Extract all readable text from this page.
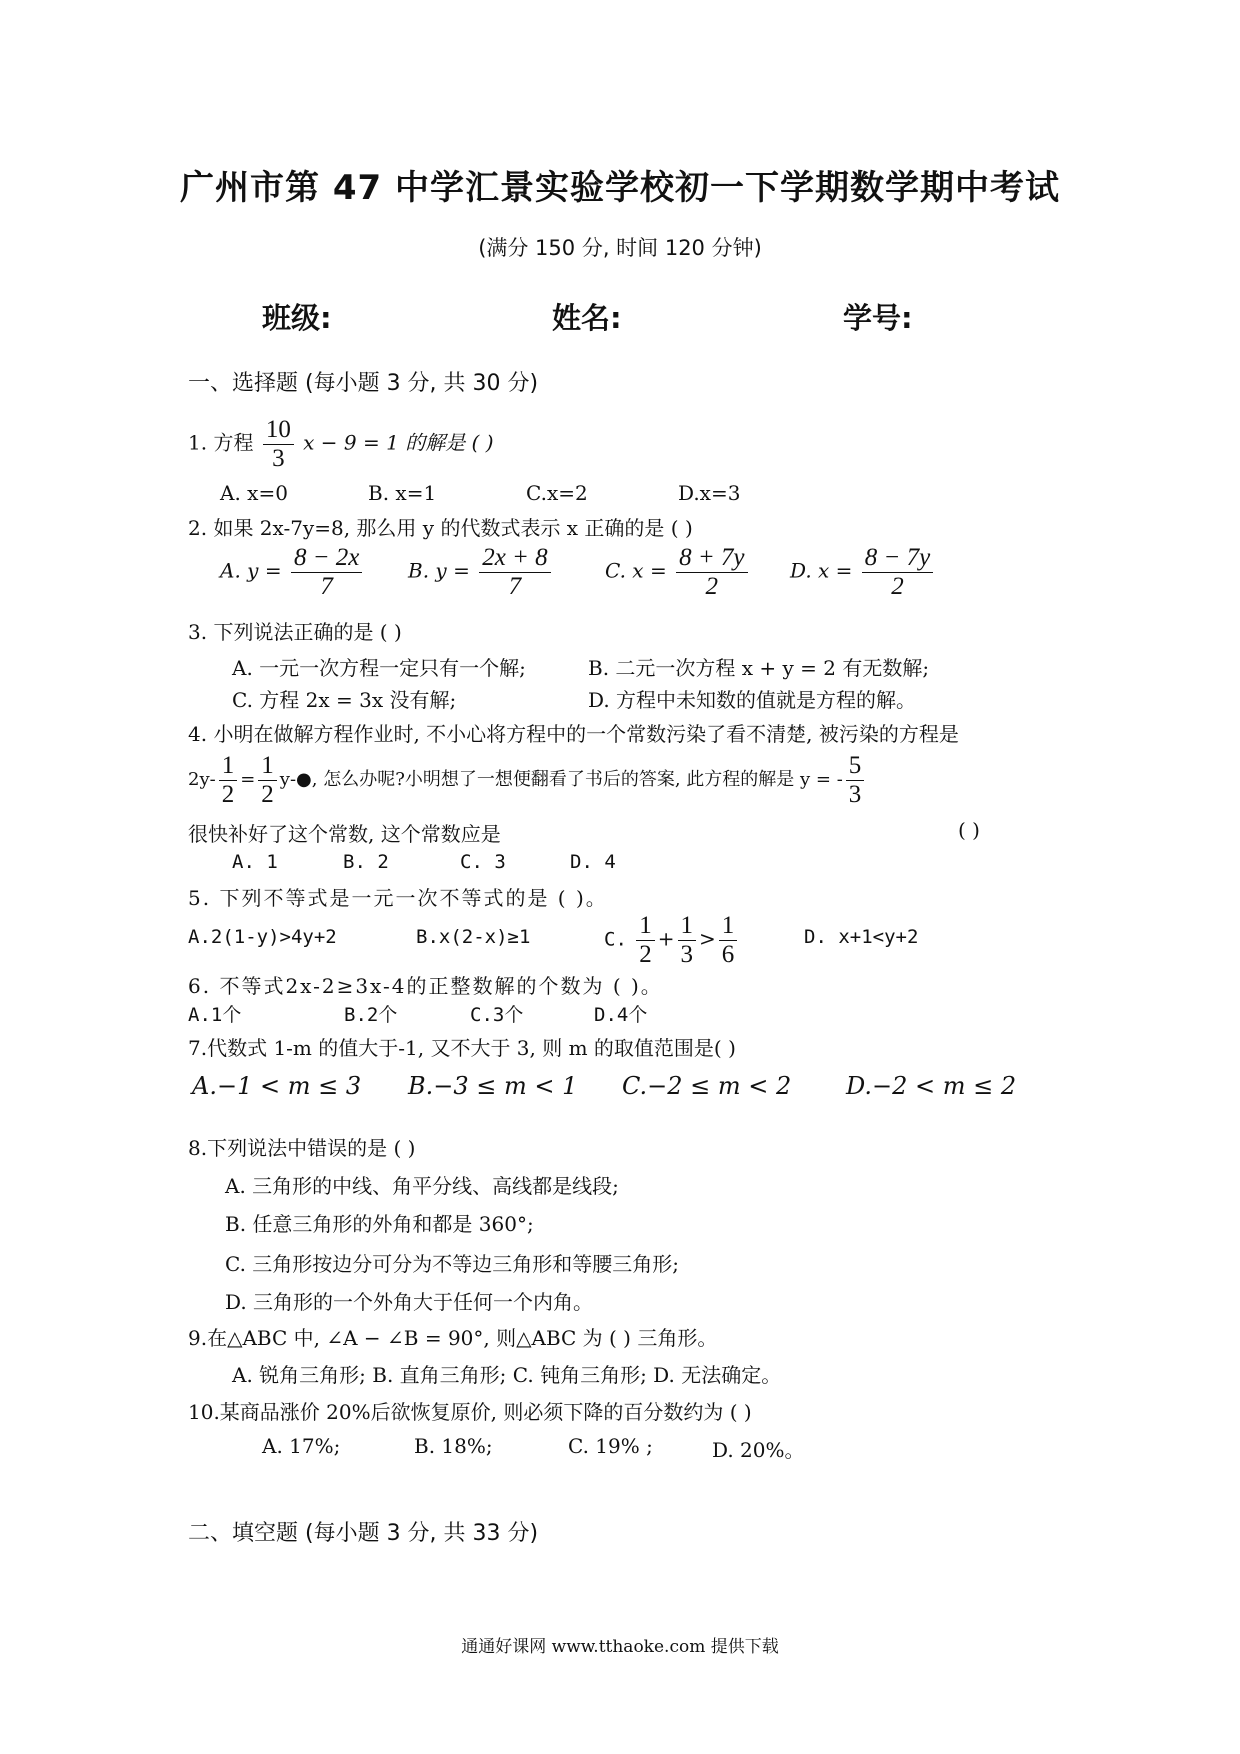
广州市第 47 中学汇景实验学校初一下学期数学期中考试
(满分 150 分, 时间 120 分钟)
班级:	姓名:	学号:
一、选择题 (每小题 3 分, 共 30 分)
1. 方程 $\frac{10}{3}$ x − 9 = 1 的解是 ( )
A. x=0	B. x=1	C.x=2	D.x=3
2. 如果 2x-7y=8, 那么用 y 的代数式表示 x 正确的是 ( )
A. $y = \frac{8 - 2x}{7} B$. $y = \frac{2x + 8}{7}$	C. $x = \frac{8 + 7y}{2} D$. $x = \frac{8 - 7y}{2}$
3. 下列说法正确的是 ( )
A. 一元一次方程一定只有一个解;	B. 二元一次方程 x + y = 2 有无数解;
C. 方程 2x = 3x 没有解;	D. 方程中未知数的值就是方程的解。
4. 小明在做解方程作业时, 不小心将方程中的一个常数污染了看不清楚, 被污染的方程是
$2y- \frac{1}{2} = \frac{1}{2}$ y-●, 怎么办呢?小明想了一想便翻看了书后的答案, 此方程的解是 y = - $\frac{5}{3}$
很快补好了这个常数, 这个常数应是	( )
A. 1	B. 2	C. 3	D. 4
5. 下列不等式是一元一次不等式的是 ( )。
A.2(1-y)>4y+2	B.x(2-x)≥1	C. $\frac{1}{2} + \frac{1}{3} > \frac{1}{6}$	D. x+1<y+2
6. 不等式2x-2≥3x-4的正整数解的个数为 ( )。
A.1个	B.2个	C.3个	D.4个
7.代数式 1-m 的值大于-1, 又不大于 3, 则 m 的取值范围是( )
A.−1 < m ≤ 3 B.−3 ≤ m < 1 C.−2 ≤ m < 2 D.−2 < m ≤ 2
8.下列说法中错误的是 ( )
A. 三角形的中线、角平分线、高线都是线段;
B. 任意三角形的外角和都是 360°;
C. 三角形按边分可分为不等边三角形和等腰三角形;
D. 三角形的一个外角大于任何一个内角。
9.在△ABC 中, ∠A − ∠B = 90°, 则△ABC 为 ( ) 三角形。
A. 锐角三角形; B. 直角三角形; C. 钝角三角形; D. 无法确定。
10.某商品涨价 20%后欲恢复原价, 则必须下降的百分数约为 ( )
A. 17%;	B. 18%;	C. 19% ;	D. 20%。
二、填空题 (每小题 3 分, 共 33 分)
通通好课网 www.tthaoke.com 提供下载
